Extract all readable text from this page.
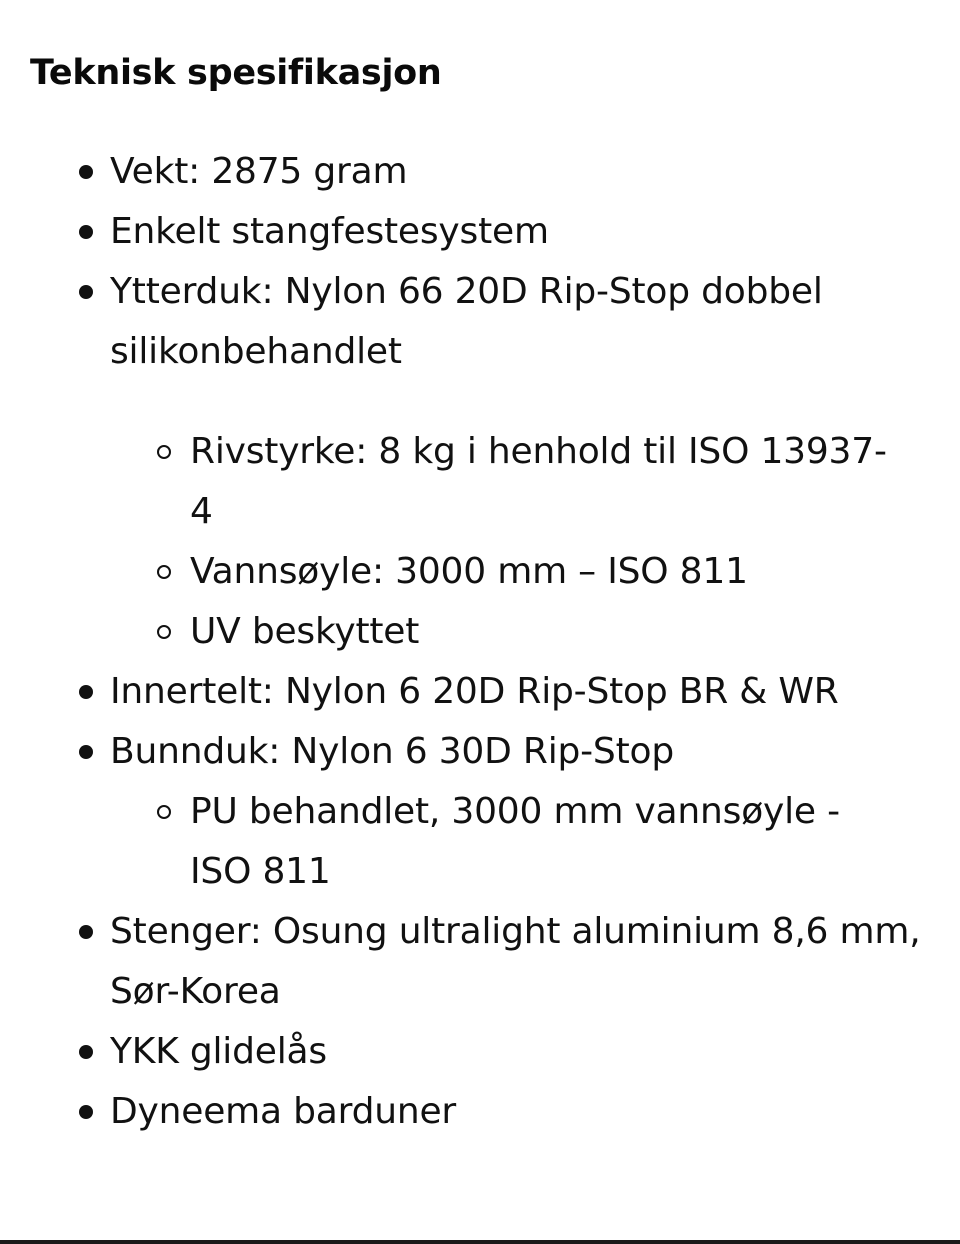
Teknisk spesifikasjon
Vekt: 2875 gram
Enkelt stangfestesystem
Ytterduk: Nylon 66 20D Rip-Stop dobbel silikonbehandlet
Rivstyrke: 8 kg i henhold til ISO 13937-4
Vannsøyle: 3000 mm – ISO 811
UV beskyttet
Innertelt: Nylon 6 20D Rip-Stop BR & WR
Bunnduk: Nylon 6 30D Rip-Stop
PU behandlet, 3000 mm vannsøyle - ISO 811
Stenger: Osung ultralight aluminium 8,6 mm, Sør-Korea
YKK glidelås
Dyneema barduner
